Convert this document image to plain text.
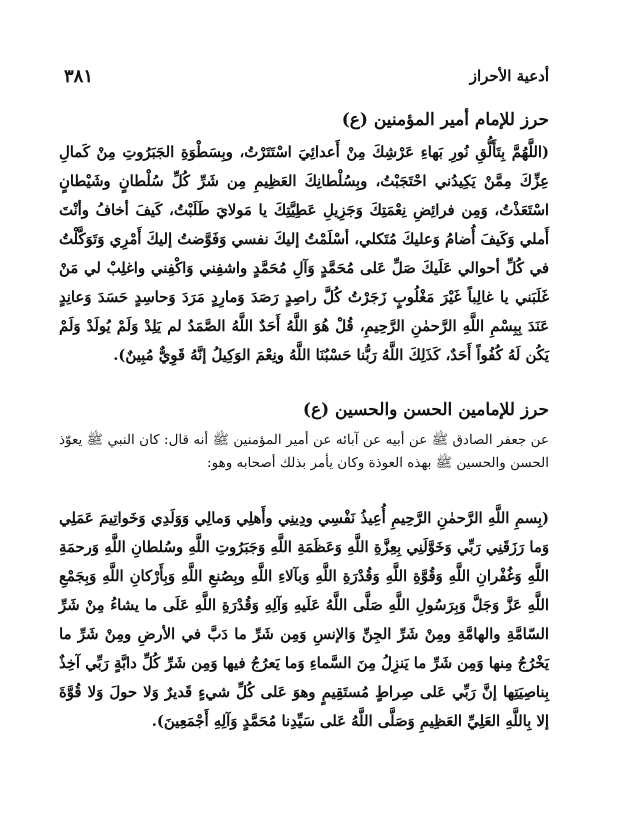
٣٨١	أدعية الأحراز
حرز للإمام أمير المؤمنين (ع)
(اللَّهُمَّ بِتَأَلُّقِ نُورِ بَهاءِ عَرْشِكَ مِنْ أَعدائِيَ اسْتَتَرْتُ، وبِسَطْوَةِ الجَبَرُوتِ مِنْ كَمالِ عِزِّكَ مِمَّنْ يَكِيدُني احْتَجَبْتُ، وبِسُلْطانِكَ العَظِيمِ مِن شَرِّ كُلِّ سُلْطانٍ وشَيْطانٍ اسْتَعَذْتُ، وَمِن فرائِضِ نِعْمَتِكَ وَجَزِيلِ عَطِيَّتِكَ يا مَولايَ طَلَبْتُ، كَيفَ أخافُ وأنْتَ أَملي وَكَيفَ أُضامُ وَعليكَ مُتَكلي، أسْلَمْتُ إليكَ نفسي وَفَوَّضتُ إليكَ أَمْرِي وَتَوَكَّلْتُ في كُلِّ أحوالي عَلَيكَ صَلِّ عَلى مُحَمَّدٍ وَآلِ مُحَمَّدٍ واشفِني وَاكْفِني واغلِبْ لي مَنْ غَلَبَني يا غالِباً غَيْرَ مَغْلُوبٍ زَجَرْتُ كُلَّ راصِدٍ رَصَدَ وَمارِدٍ مَرَدَ وَحاسِدٍ حَسَدَ وَعانِدٍ عَنَدَ بِبِسْمِ اللَّهِ الرَّحمٰنِ الرَّحِيمِ، قُلْ هُوَ اللَّهُ أَحَدٌ اللَّهُ الصَّمَدُ لم يَلِدْ وَلَمْ يُولَدْ وَلَمْ يَكُن لَهُ كُفُواً أَحَدٌ، كَذَلِكَ اللَّهُ رَبُّنا حَسْبُنَا اللَّهُ ونِعْمَ الوَكِيلُ إنَّهُ قَوِيٌّ مُبِينٌ).
حرز للإمامين الحسن والحسين (ع)
عن جعفر الصادق ﷺ عن أبيه عن آبائه عن أمير المؤمنين ﷺ أنه قال: كان النبي ﷺ يعوّذ الحسن والحسين ﷺ بهذه العوذة وكان يأمر بذلك أصحابه وهو:
(بِسمِ اللَّهِ الرَّحمٰنِ الرَّحِيمِ أُعِيذُ نَفْسِي ودِينِي وأَهلِي وَمالِي وَوَلَدِي وَخَواتِيمَ عَمَلِي وَما رَزَقَنِي رَبِّي وَخَوَّلَنِي بِعِزَّةِ اللَّهِ وَعَظَمَةِ اللَّهِ وَجَبَرُوتِ اللَّهِ وسُلطانِ اللَّهِ وَرحمَةِ اللَّهِ وَغُفْرانِ اللَّهِ وَقُوَّةِ اللَّهِ وَقُدْرَةِ اللَّهِ وَبآلاءِ اللَّهِ وبِصُنعِ اللَّهِ وَبِأَرْكانِ اللَّهِ وَبِجَمْعِ اللَّهِ عَزَّ وَجَلَّ وَبِرَسُولِ اللَّهِ صَلَّى اللَّهُ عَلَيهِ وَآلِهِ وَقُدْرَةِ اللَّهِ عَلَى ما يشاءُ مِنْ شَرِّ السّامَّةِ والهامَّةِ ومِنْ شَرِّ الجِنِّ وَالإنسِ وَمِن شَرِّ ما دَبَّ في الأرضِ ومِنْ شَرِّ ما يَخْرُجُ مِنها وَمِن شَرِّ ما يَنزِلُ مِنَ السَّماءِ وَما يَعرُجُ فيها وَمِن شَرِّ كُلِّ دابَّةٍ رَبِّي آخِذٌ بِناصِيَتِها إنَّ رَبِّي عَلى صِراطٍ مُستَقِيمٍ وهوَ عَلى كُلِّ شيءٍ قَديرٌ وَلا حولَ وَلا قُوَّةَ إلا بِاللَّهِ العَلِيِّ العَظِيمِ وَصَلَّى اللَّهُ عَلى سَيِّدِنا مُحَمَّدٍ وَآلِهِ أَجْمَعِينَ).
